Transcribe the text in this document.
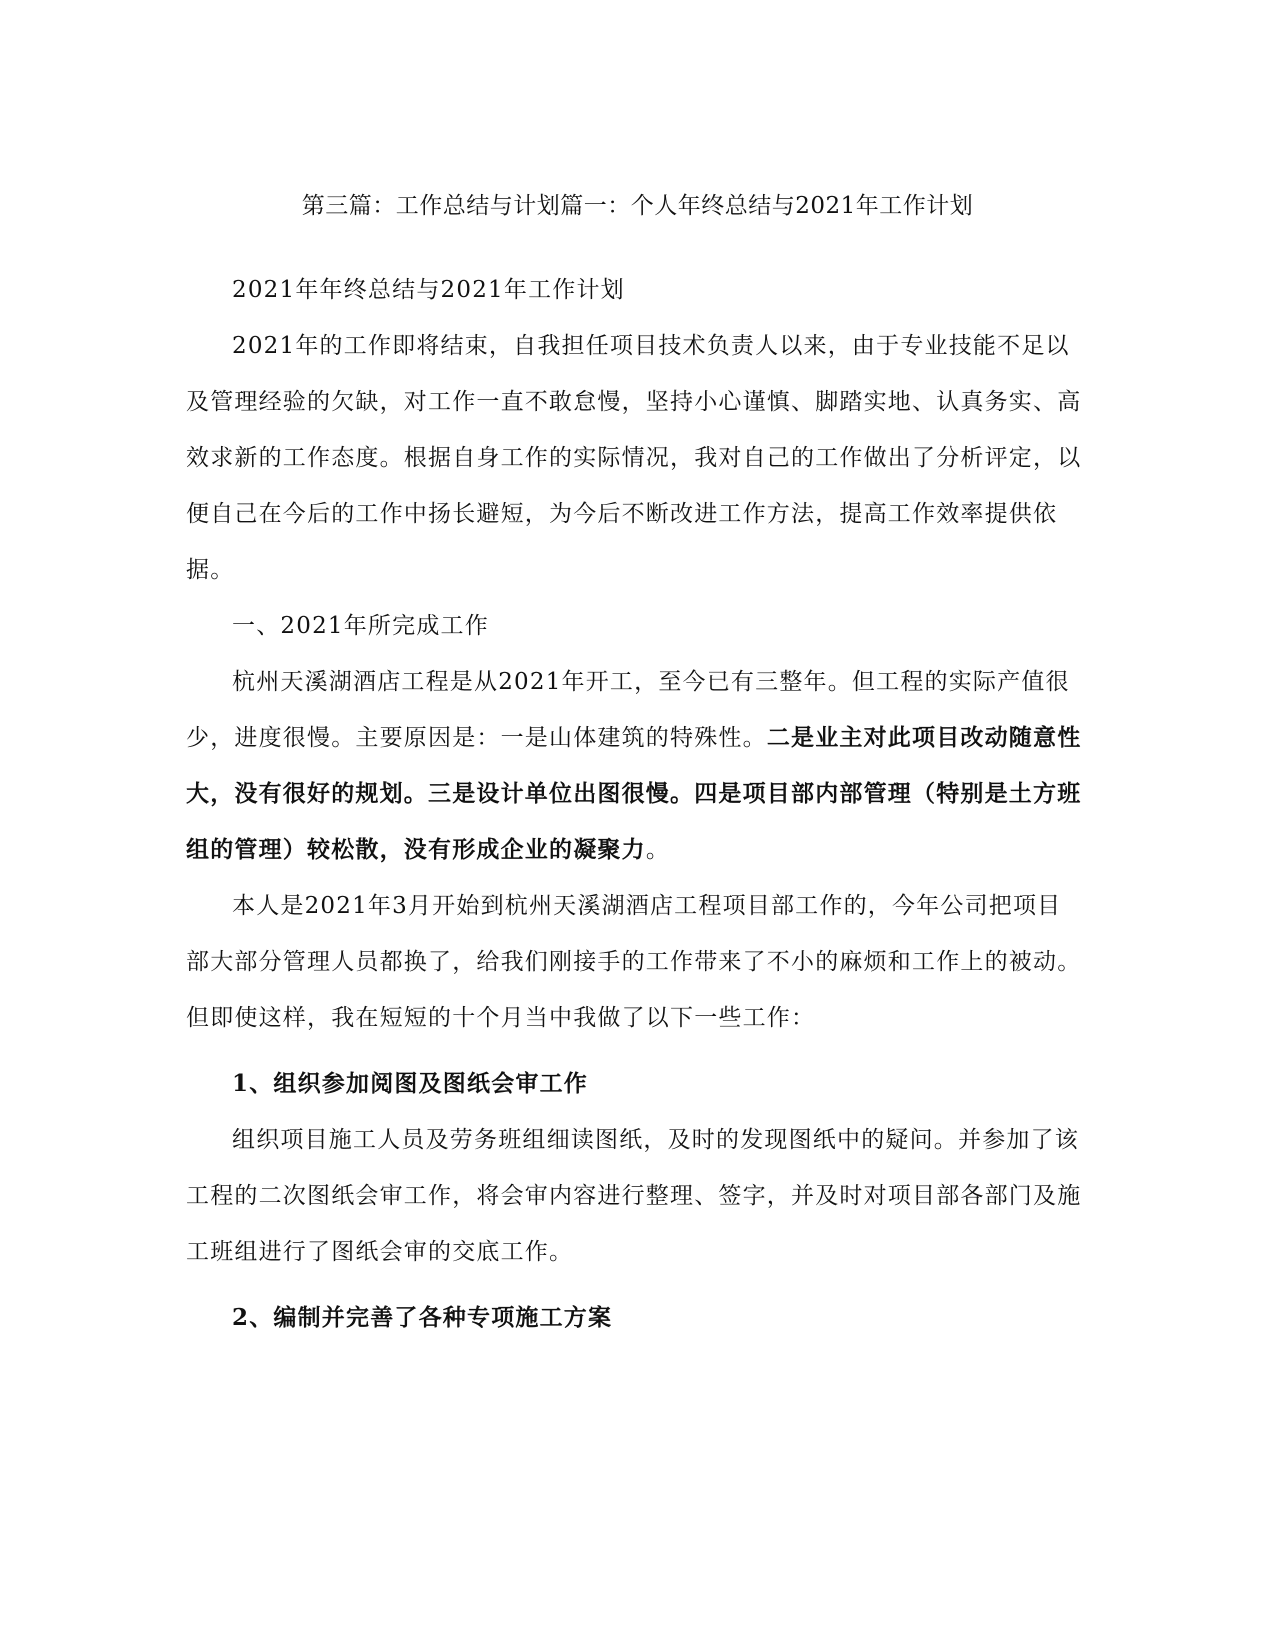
第三篇：工作总结与计划篇一：个人年终总结与2021年工作计划

2021年年终总结与2021年工作计划

2021年的工作即将结束，自我担任项目技术负责人以来，由于专业技能不足以及管理经验的欠缺，对工作一直不敢怠慢，坚持小心谨慎、脚踏实地、认真务实、高效求新的工作态度。根据自身工作的实际情况，我对自己的工作做出了分析评定，以便自己在今后的工作中扬长避短，为今后不断改进工作方法，提高工作效率提供依据。

一、2021年所完成工作

杭州天溪湖酒店工程是从2021年开工，至今已有三整年。但工程的实际产值很少，进度很慢。主要原因是：一是山体建筑的特殊性。二是业主对此项目改动随意性大，没有很好的规划。三是设计单位出图很慢。四是项目部内部管理（特别是土方班组的管理）较松散，没有形成企业的凝聚力。

本人是2021年3月开始到杭州天溪湖酒店工程项目部工作的，今年公司把项目部大部分管理人员都换了，给我们刚接手的工作带来了不小的麻烦和工作上的被动。但即使这样，我在短短的十个月当中我做了以下一些工作：

1、组织参加阅图及图纸会审工作

组织项目施工人员及劳务班组细读图纸，及时的发现图纸中的疑问。并参加了该工程的二次图纸会审工作，将会审内容进行整理、签字，并及时对项目部各部门及施工班组进行了图纸会审的交底工作。

2、编制并完善了各种专项施工方案
